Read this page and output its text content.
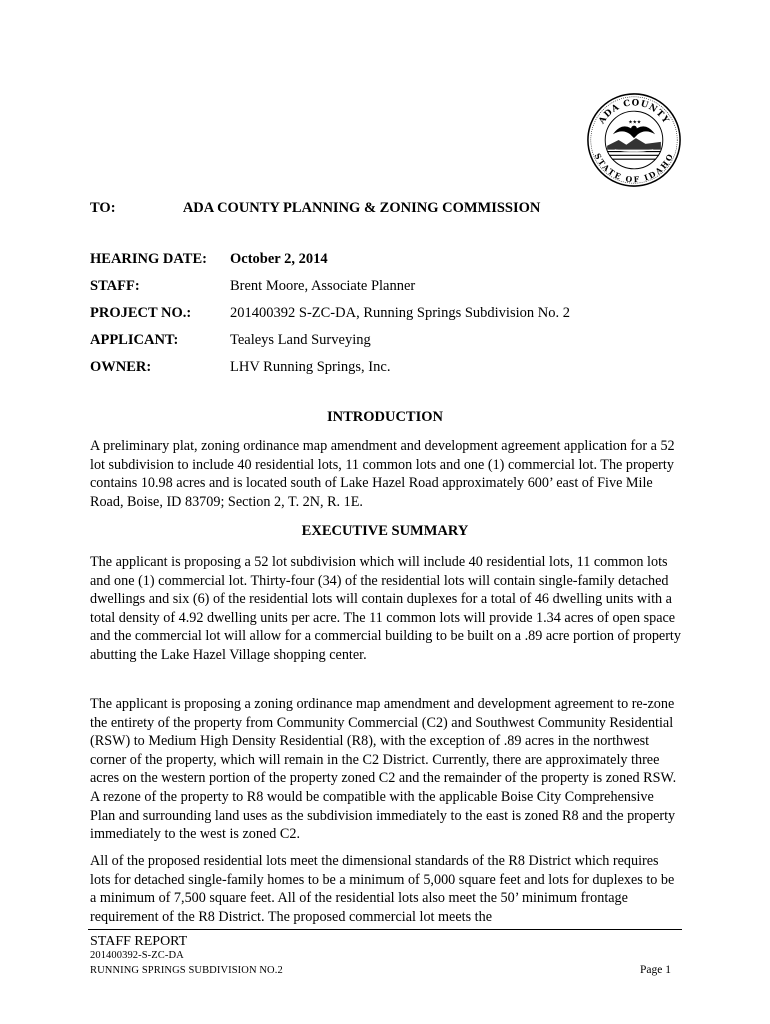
ADA COUNTY
STATE OF IDAHO
★★★
TO:	ADA COUNTY PLANNING & ZONING COMMISSION
HEARING DATE:	October 2, 2014
STAFF:	Brent Moore, Associate Planner
PROJECT NO.:	201400392 S-ZC-DA, Running Springs Subdivision No. 2
APPLICANT:	Tealeys Land Surveying
OWNER:	LHV Running Springs, Inc.
INTRODUCTION

A preliminary plat, zoning ordinance map amendment and development agreement application for a 52 lot subdivision to include 40 residential lots, 11 common lots and one (1) commercial lot. The property contains 10.98 acres and is located south of Lake Hazel Road approximately 600’ east of Five Mile Road, Boise, ID 83709; Section 2, T. 2N, R. 1E.

EXECUTIVE SUMMARY

The applicant is proposing a 52 lot subdivision which will include 40 residential lots, 11 common lots and one (1) commercial lot. Thirty-four (34) of the residential lots will contain single-family detached dwellings and six (6) of the residential lots will contain duplexes for a total of 46 dwelling units with a total density of 4.92 dwelling units per acre. The 11 common lots will provide 1.34 acres of open space and the commercial lot will allow for a commercial building to be built on a .89 acre portion of property abutting the Lake Hazel Village shopping center.

The applicant is proposing a zoning ordinance map amendment and development agreement to re-zone the entirety of the property from Community Commercial (C2) and Southwest Community Residential (RSW) to Medium High Density Residential (R8), with the exception of .89 acres in the northwest corner of the property, which will remain in the C2 District. Currently, there are approximately three acres on the western portion of the property zoned C2 and the remainder of the property is zoned RSW. A rezone of the property to R8 would be compatible with the applicable Boise City Comprehensive Plan and surrounding land uses as the subdivision immediately to the east is zoned R8 and the property immediately to the west is zoned C2.

All of the proposed residential lots meet the dimensional standards of the R8 District which requires lots for detached single-family homes to be a minimum of 5,000 square feet and lots for duplexes to be a minimum of 7,500 square feet. All of the residential lots also meet the 50’ minimum frontage requirement of the R8 District. The proposed commercial lot meets the

STAFF REPORT
201400392-S-ZC-DA
RUNNING SPRINGS SUBDIVISION NO.2	Page 1
